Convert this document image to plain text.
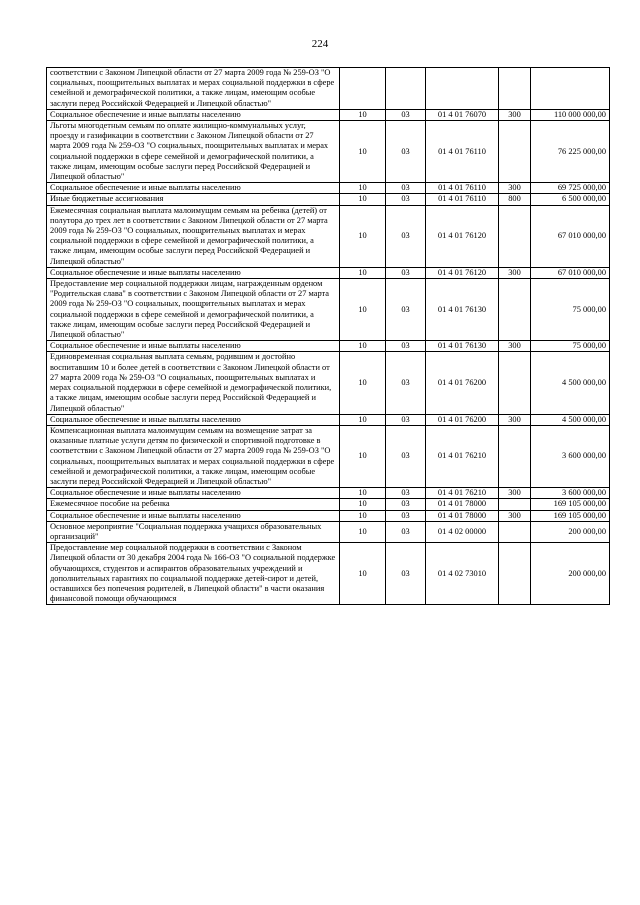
224
соответствии с Законом Липецкой области от 27 марта 2009 года № 259-ОЗ "О социальных, поощрительных выплатах и мерах социальной поддержки в сфере семейной и демографической политики, а также лицам, имеющим особые заслуги перед Российской Федерацией и Липецкой областью"					
Социальное обеспечение и иные выплаты населению	10	03	01 4 01 76070	300	110 000 000,00
Льготы многодетным семьям по оплате жилищно-коммунальных услуг, проезду и газификации в соответствии с Законом Липецкой области от 27 марта 2009 года № 259-ОЗ "О социальных, поощрительных выплатах и мерах социальной поддержки в сфере семейной и демографической политики, а также лицам, имеющим особые заслуги перед Российской Федерацией и Липецкой областью"	10	03	01 4 01 76110		76 225 000,00
Социальное обеспечение и иные выплаты населению	10	03	01 4 01 76110	300	69 725 000,00
Иные бюджетные ассигнования	10	03	01 4 01 76110	800	6 500 000,00
Ежемесячная социальная выплата малоимущим семьям на ребенка (детей) от полутора до трех лет в соответствии с Законом Липецкой области от 27 марта 2009 года № 259-ОЗ "О социальных, поощрительных выплатах и мерах социальной поддержки в сфере семейной и демографической политики, а также лицам, имеющим особые заслуги перед Российской Федерацией и Липецкой областью"	10	03	01 4 01 76120		67 010 000,00
Социальное обеспечение и иные выплаты населению	10	03	01 4 01 76120	300	67 010 000,00
Предоставление мер социальной поддержки лицам, награжденным орденом "Родительская слава" в соответствии с Законом Липецкой области от 27 марта 2009 года № 259-ОЗ "О социальных, поощрительных выплатах и мерах социальной поддержки в сфере семейной и демографической политики, а также лицам, имеющим особые заслуги перед Российской Федерацией и Липецкой областью"	10	03	01 4 01 76130		75 000,00
Социальное обеспечение и иные выплаты населению	10	03	01 4 01 76130	300	75 000,00
Единовременная социальная выплата семьям, родившим и достойно воспитавшим 10 и более детей в соответствии с Законом Липецкой области от 27 марта 2009 года № 259-ОЗ "О социальных, поощрительных выплатах и мерах социальной поддержки в сфере семейной и демографической политики, а также лицам, имеющим особые заслуги перед Российской Федерацией и Липецкой областью"	10	03	01 4 01 76200		4 500 000,00
Социальное обеспечение и иные выплаты населению	10	03	01 4 01 76200	300	4 500 000,00
Компенсационная выплата малоимущим семьям на возмещение затрат за оказанные платные услуги детям по физической и спортивной подготовке в соответствии с Законом Липецкой области от 27 марта 2009 года № 259-ОЗ "О социальных, поощрительных выплатах и мерах социальной поддержки в сфере семейной и демографической политики, а также лицам, имеющим особые заслуги перед Российской Федерацией и Липецкой областью"	10	03	01 4 01 76210		3 600 000,00
Социальное обеспечение и иные выплаты населению	10	03	01 4 01 76210	300	3 600 000,00
Ежемесячное пособие на ребенка	10	03	01 4 01 78000		169 105 000,00
Социальное обеспечение и иные выплаты населению	10	03	01 4 01 78000	300	169 105 000,00
Основное мероприятие "Социальная поддержка учащихся образовательных организаций"	10	03	01 4 02 00000		200 000,00
Предоставление мер социальной поддержки в соответствии с Законом Липецкой области от 30 декабря 2004 года № 166-ОЗ "О социальной поддержке обучающихся, студентов и аспирантов образовательных учреждений и дополнительных гарантиях по социальной поддержке детей-сирот и детей, оставшихся без попечения родителей, в Липецкой области" в части оказания финансовой помощи обучающимся	10	03	01 4 02 73010		200 000,00
